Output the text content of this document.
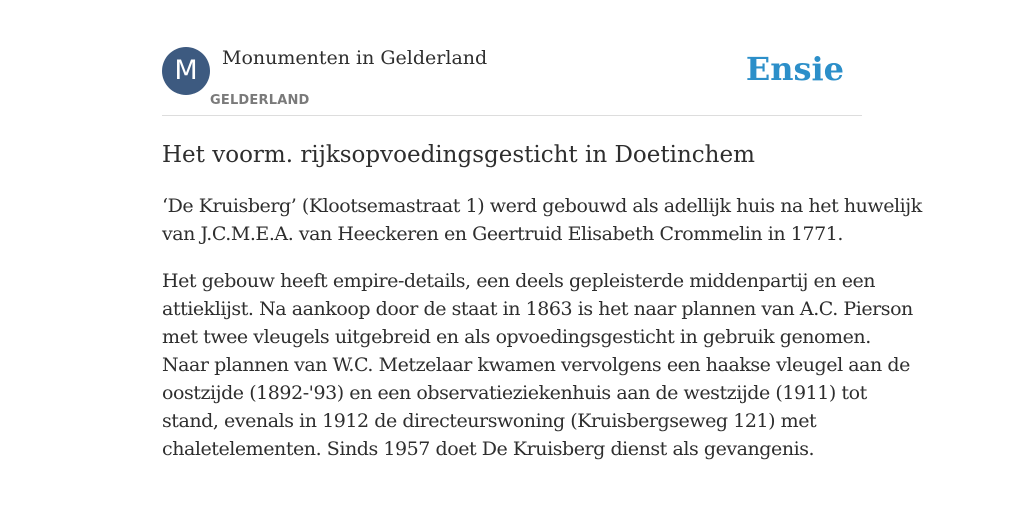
M	Monumenten in Gelderland
GELDERLAND
Ensie
Het voorm. rijksopvoedingsgesticht in Doetinchem
‘De Kruisberg’ (Klootsemastraat 1) werd gebouwd als adellijk huis na het huwelijk
van J.C.M.E.A. van Heeckeren en Geertruid Elisabeth Crommelin in 1771.
Het gebouw heeft empire-details, een deels gepleisterde middenpartij en een
attieklijst. Na aankoop door de staat in 1863 is het naar plannen van A.C. Pierson
met twee vleugels uitgebreid en als opvoedingsgesticht in gebruik genomen.
Naar plannen van W.C. Metzelaar kwamen vervolgens een haakse vleugel aan de
oostzijde (1892-'93) en een observatieziekenhuis aan de westzijde (1911) tot
stand, evenals in 1912 de directeurswoning (Kruisbergseweg 121) met
chaletelementen. Sinds 1957 doet De Kruisberg dienst als gevangenis.
